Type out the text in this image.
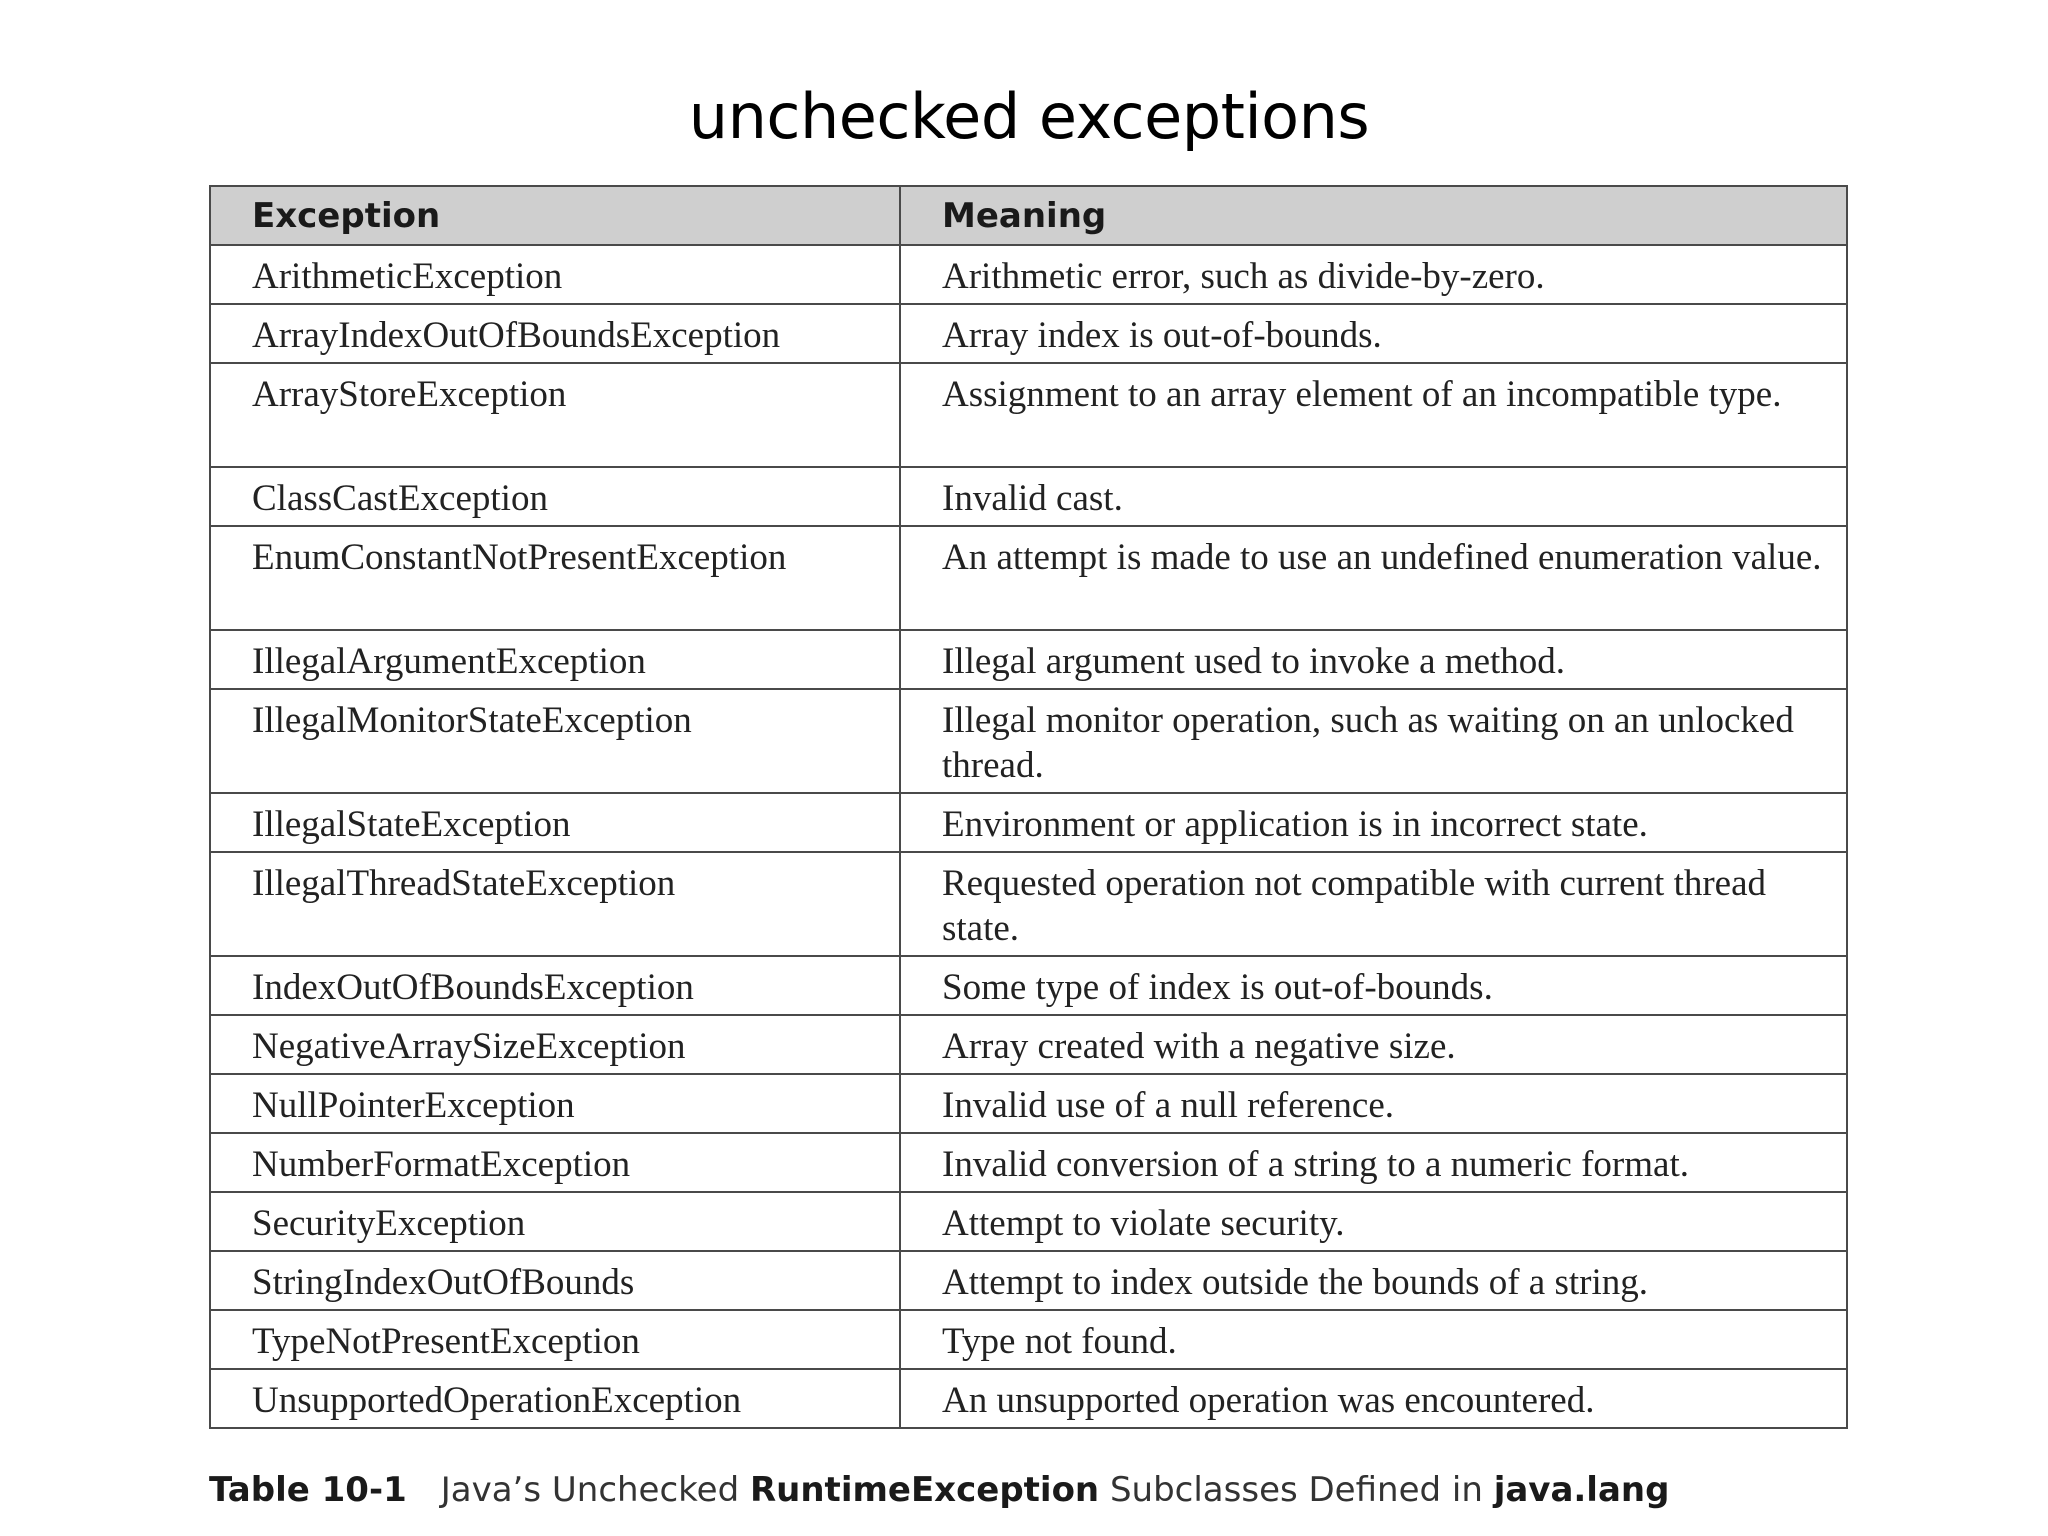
unchecked exceptions
Exception	Meaning
ArithmeticException	Arithmetic error, such as divide-by-zero.
ArrayIndexOutOfBoundsException	Array index is out-of-bounds.
ArrayStoreException	Assignment to an array element of an incompatible type.
ClassCastException	Invalid cast.
EnumConstantNotPresentException	An attempt is made to use an undefined enumeration value.
IllegalArgumentException	Illegal argument used to invoke a method.
IllegalMonitorStateException	Illegal monitor operation, such as waiting on an unlocked thread.
IllegalStateException	Environment or application is in incorrect state.
IllegalThreadStateException	Requested operation not compatible with current thread state.
IndexOutOfBoundsException	Some type of index is out-of-bounds.
NegativeArraySizeException	Array created with a negative size.
NullPointerException	Invalid use of a null reference.
NumberFormatException	Invalid conversion of a string to a numeric format.
SecurityException	Attempt to violate security.
StringIndexOutOfBounds	Attempt to index outside the bounds of a string.
TypeNotPresentException	Type not found.
UnsupportedOperationException	An unsupported operation was encountered.
Table 10-1 Java’s Unchecked RuntimeException Subclasses Defined in java.lang
